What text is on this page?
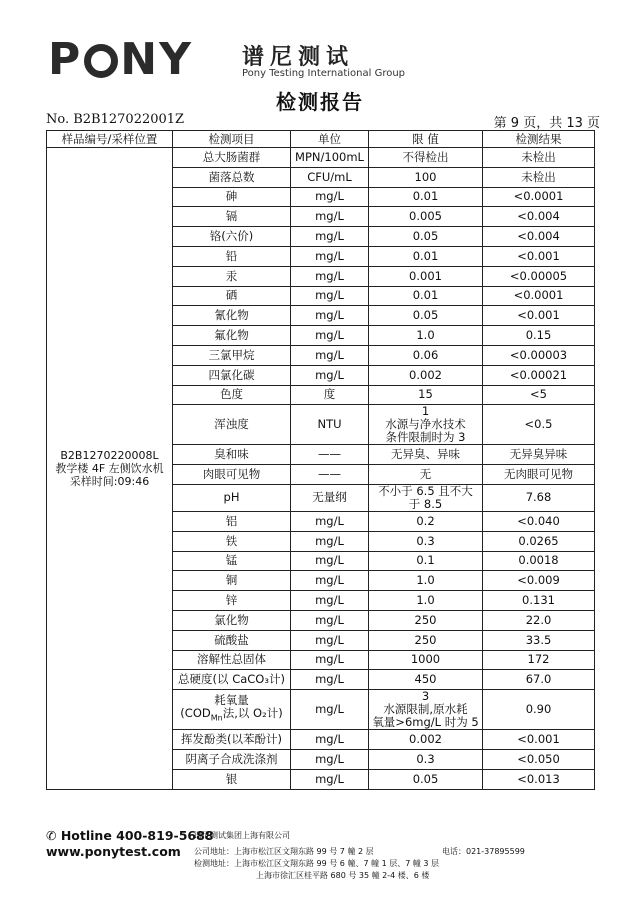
P NY 谱尼测试
Pony Testing International Group
检测报告
No. B2B127022001Z	第 9 页，共 13 页
样品编号/采样位置	检测项目	单位	限 值	检测结果

B2B1270220008L
教学楼 4F 左侧饮水机
采样时间:09:46	总大肠菌群	MPN/100mL	不得检出	未检出
	菌落总数	CFU/mL	100	未检出
	砷	mg/L	0.01	<0.0001
	镉	mg/L	0.005	<0.004
	铬(六价)	mg/L	0.05	<0.004
	铅	mg/L	0.01	<0.001
	汞	mg/L	0.001	<0.00005
	硒	mg/L	0.01	<0.0001
	氰化物	mg/L	0.05	<0.001
	氟化物	mg/L	1.0	0.15
	三氯甲烷	mg/L	0.06	<0.00003
	四氯化碳	mg/L	0.002	<0.00021
	色度	度	15	<5
	浑浊度	NTU	1
水源与净水技术
条件限制时为 3	<0.5
	臭和味	——	无异臭、异味	无异臭异味
	肉眼可见物	——	无	无肉眼可见物
	pH	无量纲	不小于 6.5 且不大
于 8.5	7.68
	铝	mg/L	0.2	<0.040
	铁	mg/L	0.3	0.0265
	锰	mg/L	0.1	0.0018
	铜	mg/L	1.0	<0.009
	锌	mg/L	1.0	0.131
	氯化物	mg/L	250	22.0
	硫酸盐	mg/L	250	33.5
	溶解性总固体	mg/L	1000	172
	总硬度(以 CaCO₃计)	mg/L	450	67.0
	耗氧量
($COD_{Mn}$法,以 O₂计)	mg/L	3
水源限制,原水耗
氧量>6mg/L 时为 5	0.90
	挥发酚类(以苯酚计)	mg/L	0.002	<0.001
	阴离子合成洗涤剂	mg/L	0.3	<0.050
	银	mg/L	0.05	<0.013
✆ Hotline 400-819-5688
www.ponytest.com
谱尼测试集团上海有限公司
公司地址：上海市松江区文翔东路 99 号 7 幢 2 层
检测地址：上海市松江区文翔东路 99 号 6 幢、7 幢 1 层、7 幢 3 层
上海市徐汇区桂平路 680 号 35 幢 2-4 楼、6 楼
电话：021-37895599
